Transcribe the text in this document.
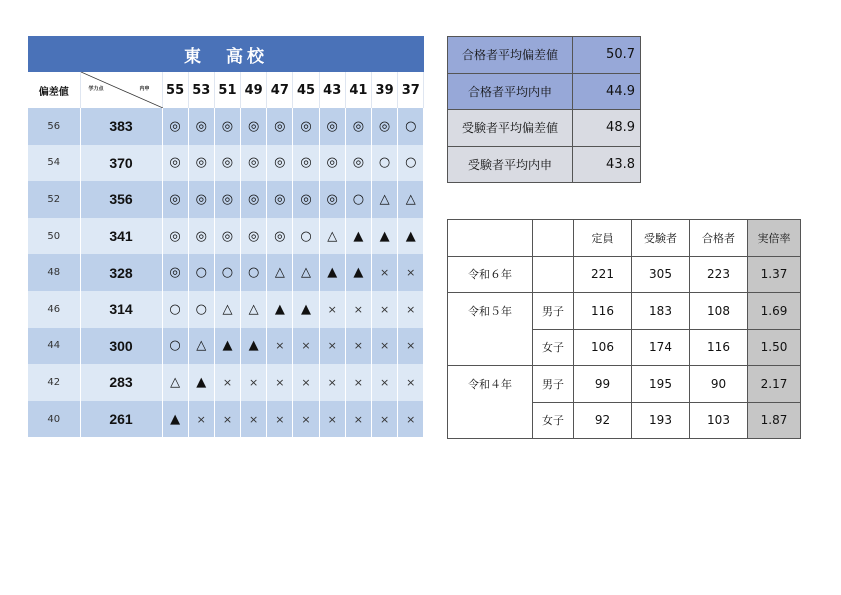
東　高校
偏差値	学力点 内申	55	53	51	49	47	45	43	41	39	37
56	383	◎	◎	◎	◎	◎	◎	◎	◎	◎	○
54	370	◎	◎	◎	◎	◎	◎	◎	◎	○	○
52	356	◎	◎	◎	◎	◎	◎	◎	○	△	△
50	341	◎	◎	◎	◎	◎	○	△	▲	▲	▲
48	328	◎	○	○	○	△	△	▲	▲	×	×
46	314	○	○	△	△	▲	▲	×	×	×	×
44	300	○	△	▲	▲	×	×	×	×	×	×
42	283	△	▲	×	×	×	×	×	×	×	×
40	261	▲	×	×	×	×	×	×	×	×	×
合格者平均偏差値	50.7
合格者平均内申	44.9
受験者平均偏差値	48.9
受験者平均内申	43.8
		定員	受験者	合格者	実倍率
令和６年		221	305	223	1.37
令和５年	男子	116	183	108	1.69
	女子	106	174	116	1.50
令和４年	男子	99	195	90	2.17
	女子	92	193	103	1.87
